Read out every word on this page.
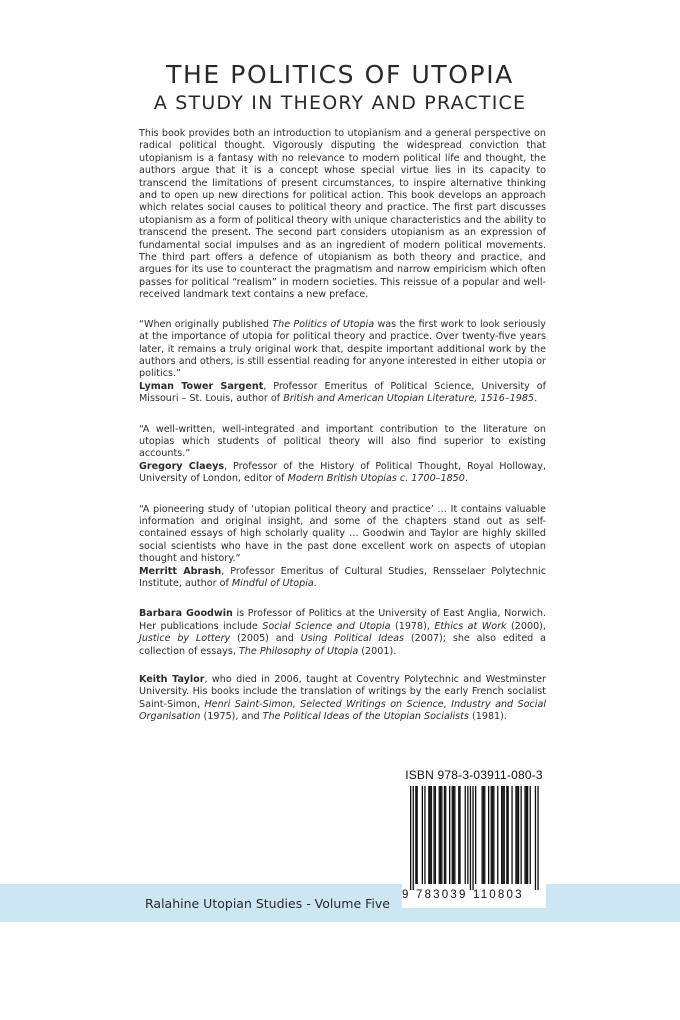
THE POLITICS OF UTOPIA
A STUDY IN THEORY AND PRACTICE

This book provides both an introduction to utopianism and a general perspective on radical political thought. Vigorously disputing the widespread conviction that utopianism is a fantasy with no relevance to modern political life and thought, the authors argue that it is a concept whose special virtue lies in its capacity to transcend the limitations of present circumstances, to inspire alternative thinking and to open up new directions for political action. This book develops an approach which relates social causes to political theory and practice. The first part discusses utopianism as a form of political theory with unique characteristics and the ability to transcend the present. The second part considers utopianism as an expression of fundamental social impulses and as an ingredient of modern political movements. The third part offers a defence of utopianism as both theory and practice, and argues for its use to counteract the pragmatism and narrow empiricism which often passes for political “realism” in modern societies. This reissue of a popular and well-received landmark text contains a new preface.

“When originally published The Politics of Utopia was the first work to look seriously at the importance of utopia for political theory and practice. Over twenty-five years later, it remains a truly original work that, despite important additional work by the authors and others, is still essential reading for anyone interested in either utopia or politics.”

Lyman Tower Sargent, Professor Emeritus of Political Science, University of Missouri – St. Louis, author of British and American Utopian Literature, 1516–1985.

“A well-written, well-integrated and important contribution to the literature on utopias which students of political theory will also find superior to existing accounts.”

Gregory Claeys, Professor of the History of Political Thought, Royal Holloway, University of London, editor of Modern British Utopias c. 1700–1850.

“A pioneering study of ‘utopian political theory and practice’ … It contains valuable information and original insight, and some of the chapters stand out as self-contained essays of high scholarly quality … Goodwin and Taylor are highly skilled social scientists who have in the past done excellent work on aspects of utopian thought and history.”

Merritt Abrash, Professor Emeritus of Cultural Studies, Rensselaer Polytechnic Institute, author of Mindful of Utopia.

Barbara Goodwin is Professor of Politics at the University of East Anglia, Norwich. Her publications include Social Science and Utopia (1978), Ethics at Work (2000), Justice by Lottery (2005) and Using Political Ideas (2007); she also edited a collection of essays, The Philosophy of Utopia (2001).

Keith Taylor, who died in 2006, taught at Coventry Polytechnic and Westminster University. His books include the translation of writings by the early French socialist Saint-Simon, Henri Saint-Simon, Selected Writings on Science, Industry and Social Organisation (1975), and The Political Ideas of the Utopian Socialists (1981).

Ralahine Utopian Studies - Volume Five
ISBN 978-3-03911-080-3
9 783039 110803
